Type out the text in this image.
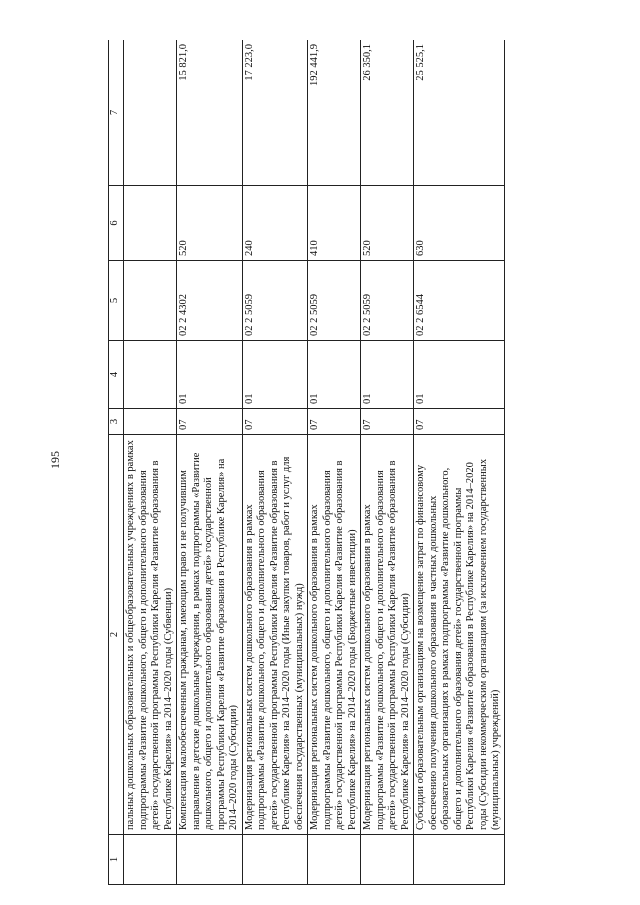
195
1	2	3	4	5	6	7
	пальных дошкольных образовательных и общеобразовательных учреждениях в рамках подпрограммы «Развитие дошкольного, общего и дополнительного образования детей» государственной программы Республики Карелия «Развитие образования в Республике Карелия» на 2014–2020 годы (Субвенции)					
	Компенсация малообеспеченным гражданам, имеющим право и не получившим направление в детские дошкольные учреждения, в рамках подпрограммы «Развитие дошкольного, общего и дополнительного образования детей» государственной программы Республики Карелия «Развитие образования в Республике Карелия» на 2014–2020 годы (Субсидии)	07	01	02 2 4302	520	15 821,0
	Модернизация региональных систем дошкольного образования в рамках подпрограммы «Развитие дошкольного, общего и дополнительного образования детей» государственной программы Республики Карелия «Развитие образования в Республике Карелия» на 2014–2020 годы (Иные закупки товаров, работ и услуг для обеспечения государственных (муниципальных) нужд)	07	01	02 2 5059	240	17 223,0
	Модернизация региональных систем дошкольного образования в рамках подпрограммы «Развитие дошкольного, общего и дополнительного образования детей» государственной программы Республики Карелия «Развитие образования в Республике Карелия» на 2014–2020 годы (Бюджетные инвестиции)	07	01	02 2 5059	410	192 441,9
	Модернизация региональных систем дошкольного образования в рамках подпрограммы «Развитие дошкольного, общего и дополнительного образования детей» государственной программы Республики Карелия «Развитие образования в Республике Карелия» на 2014–2020 годы (Субсидии)	07	01	02 2 5059	520	26 350,1
	Субсидии образовательным организациям на возмещение затрат по финансовому обеспечению получения дошкольного образования в частных дошкольных образовательных организациях в рамках подпрограммы «Развитие дошкольного, общего и дополнительного образования детей» государственной программы Республики Карелия «Развитие образования в Республике Карелия» на 2014–2020 годы (Субсидии некоммерческим организациям (за исключением государственных (муниципальных) учреждений)	07	01	02 2 6544	630	25 525,1
